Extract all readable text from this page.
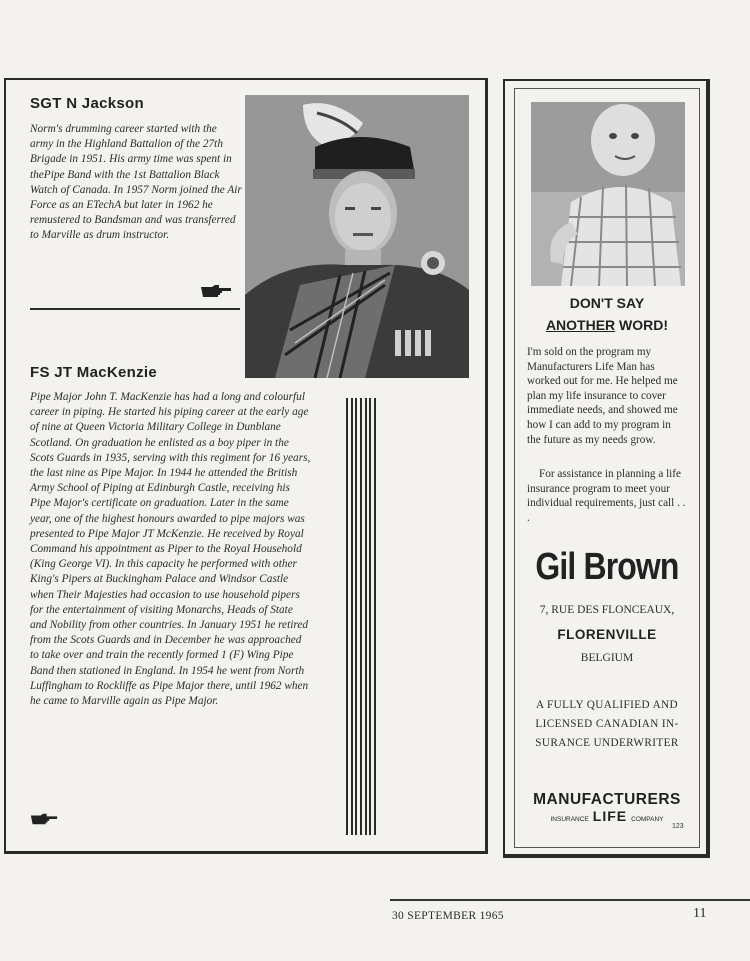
SGT N Jackson
Norm's drumming career started with the army in the Highland Battalion of the 27th Brigade in 1951. His army time was spent in thePipe Band with the 1st Battalion Black Watch of Canada. In 1957 Norm joined the Air Force as an ETechA but later in 1962 he remustered to Bandsman and was transferred to Marville as drum instructor.
FS JT MacKenzie
Pipe Major John T. MacKenzie has had a long and colourful career in piping. He started his piping career at the early age of nine at Queen Victoria Military College in Dunblane Scotland. On graduation he enlisted as a boy piper in the Scots Guards in 1935, serving with this regiment for 16 years, the last nine as Pipe Major. In 1944 he attended the British Army School of Piping at Edinburgh Castle, receiving his Pipe Major's certificate on graduation. Later in the same year, one of the highest honours awarded to pipe majors was presented to Pipe Major JT McKenzie. He received by Royal Command his appointment as Piper to the Royal Household (King George VI). In this capacity he performed with other King's Pipers at Buckingham Palace and Windsor Castle when Their Majesties had occasion to use household pipers for the entertainment of visiting Monarchs, Heads of State and Nobility from other countries. In January 1951 he retired from the Scots Guards and in December he was approached to take over and train the recently formed 1 (F) Wing Pipe Band then stationed in England. In 1954 he went from North Luffingham to Rockliffe as Pipe Major there, until 1962 when he came to Marville again as Pipe Major.
DON'T SAY
ANOTHER WORD!
I'm sold on the program my Manufacturers Life Man has worked out for me. He helped me plan my life insurance to cover immediate needs, and showed me how I can add to my program in the future as my needs grow.
For assistance in planning a life insurance program to meet your individual requirements, just call . . .
Gil Brown
7, RUE DES FLONCEAUX,
FLORENVILLE
BELGIUM
A FULLY QUALIFIED AND
LICENSED CANADIAN IN-
SURANCE UNDERWRITER
MANUFACTURERS
INSURANCE LIFE COMPANY
123
30 SEPTEMBER 1965	11
